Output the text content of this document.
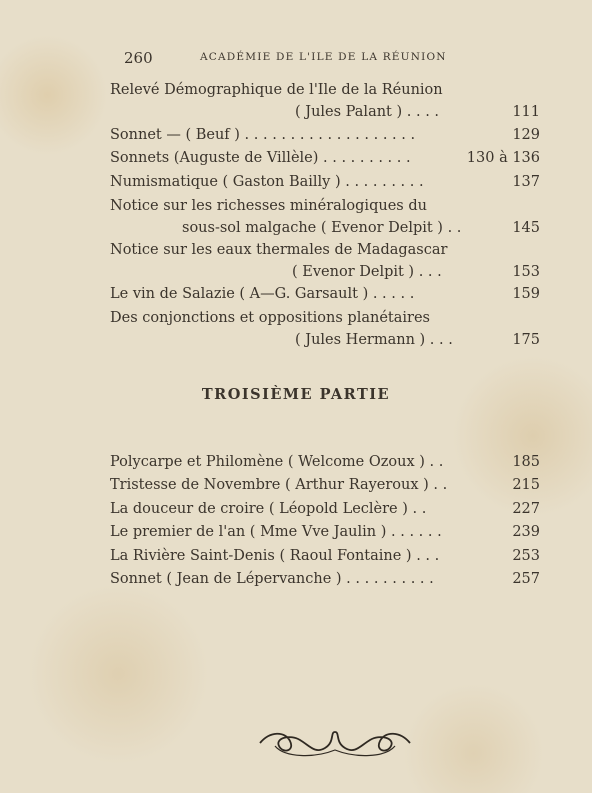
260	ACADÉMIE DE L'ILE DE LA RÉUNION
Relevé Démographique de l'Ile de la Réunion
( Jules Palant ) . . . .	111
Sonnet — ( Beuf ) . . . . . . . . . . . . . . . . . . .	129
Sonnets (Auguste de Villèle) . . . . . . . . . .	130 à 136
Numismatique ( Gaston Bailly ) . . . . . . . . .	137
Notice sur les richesses minéralogiques du
sous-sol malgache ( Evenor Delpit ) . .	145
Notice sur les eaux thermales de Madagascar
( Evenor Delpit ) . . .	153
Le vin de Salazie ( A—G. Garsault ) . . . . .	159
Des conjonctions et oppositions planétaires
( Jules Hermann ) . . .	175
TROISIÈME PARTIE
Polycarpe et Philomène ( Welcome Ozoux ) . .	185
Tristesse de Novembre ( Arthur Rayeroux ) . .	215
La douceur de croire ( Léopold Leclère ) . .	227
Le premier de l'an ( Mme Vve Jaulin ) . . . . . .	239
La Rivière Saint-Denis ( Raoul Fontaine ) . . .	253
Sonnet ( Jean de Lépervanche ) . . . . . . . . . .	257
